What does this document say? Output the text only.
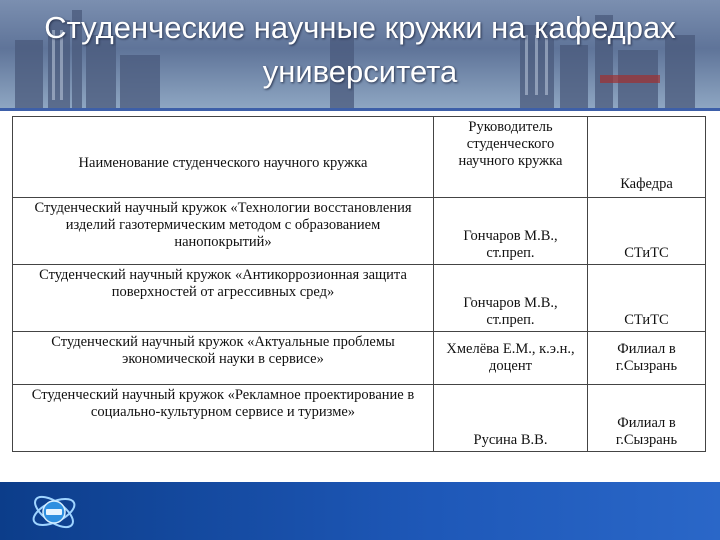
Студенческие научные кружки на кафедрах университета
Наименование студенческого научного кружка	Руководитель студенческого научного кружка	Кафедра
Студенческий научный кружок «Технологии восстановления изделий газотермическим методом с образованием нанопокрытий»	Гончаров М.В., ст.преп.	СТиТС
Студенческий научный кружок «Антикоррозионная защита поверхностей от агрессивных сред»	Гончаров М.В., ст.преп.	СТиТС
Студенческий научный кружок «Актуальные проблемы экономической науки в сервисе»	Хмелёва Е.М., к.э.н., доцент	Филиал в г.Сызрань
Студенческий научный кружок «Рекламное проектирование в социально-культурном сервисе и туризме»	Русина В.В.	Филиал в г.Сызрань
